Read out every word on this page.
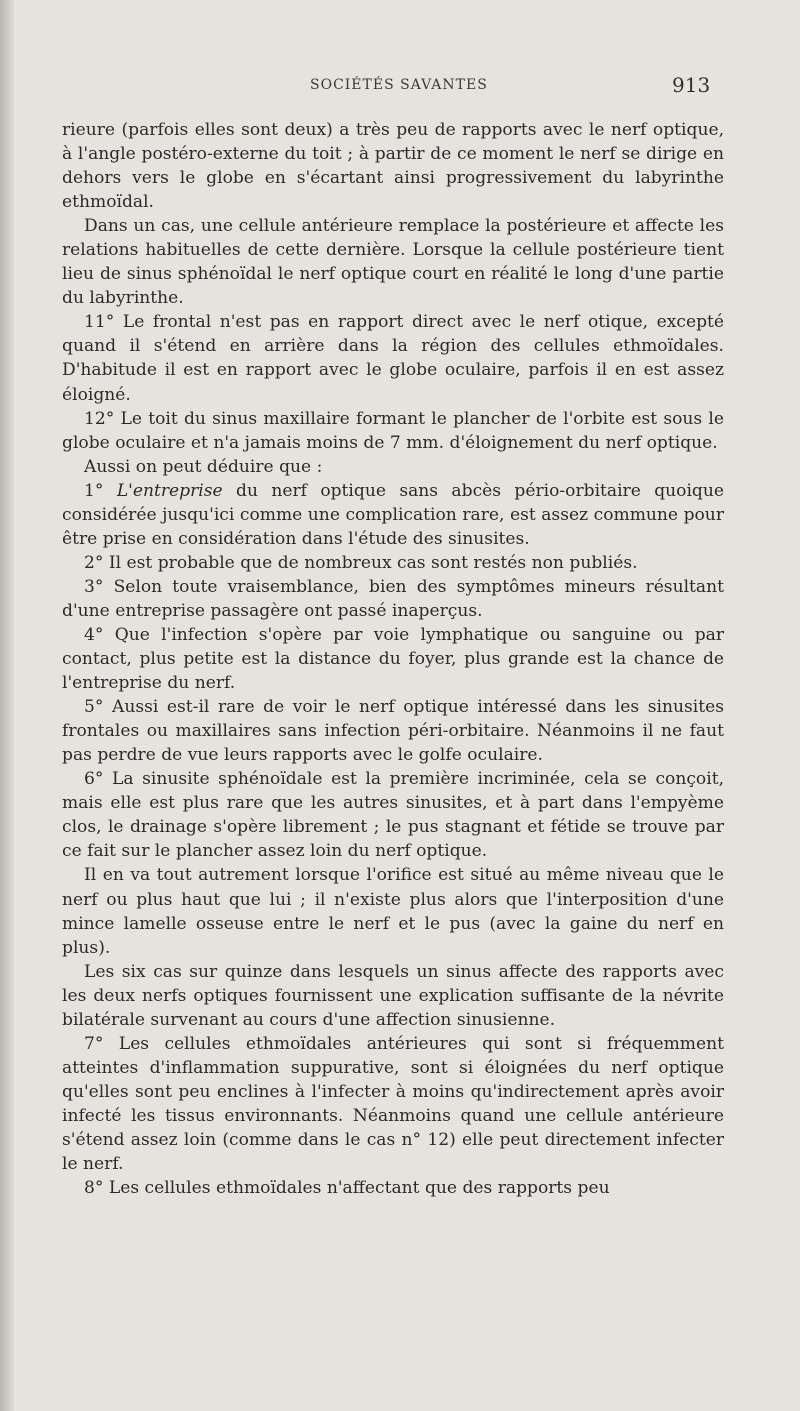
SOCIÉTÉS SAVANTES	913

rieure (parfois elles sont deux) a très peu de rapports avec le nerf optique, à l'angle postéro-externe du toit ; à partir de ce moment le nerf se dirige en dehors vers le globe en s'écartant ainsi progressivement du labyrinthe ethmoïdal.

Dans un cas, une cellule antérieure remplace la postérieure et affecte les relations habituelles de cette dernière. Lorsque la cellule postérieure tient lieu de sinus sphénoïdal le nerf optique court en réalité le long d'une partie du labyrinthe.

11° Le frontal n'est pas en rapport direct avec le nerf otique, excepté quand il s'étend en arrière dans la région des cellules ethmoïdales. D'habitude il est en rapport avec le globe oculaire, parfois il en est assez éloigné.

12° Le toit du sinus maxillaire formant le plancher de l'orbite est sous le globe oculaire et n'a jamais moins de 7 mm. d'éloignement du nerf optique.

Aussi on peut déduire que :

1° L'entreprise du nerf optique sans abcès pério-orbitaire quoique considérée jusqu'ici comme une complication rare, est assez commune pour être prise en considération dans l'étude des sinusites.

2° Il est probable que de nombreux cas sont restés non publiés.

3° Selon toute vraisemblance, bien des symptômes mineurs résultant d'une entreprise passagère ont passé inaperçus.

4° Que l'infection s'opère par voie lymphatique ou sanguine ou par contact, plus petite est la distance du foyer, plus grande est la chance de l'entreprise du nerf.

5° Aussi est-il rare de voir le nerf optique intéressé dans les sinusites frontales ou maxillaires sans infection péri-orbitaire. Néanmoins il ne faut pas perdre de vue leurs rapports avec le golfe oculaire.

6° La sinusite sphénoïdale est la première incriminée, cela se conçoit, mais elle est plus rare que les autres sinusites, et à part dans l'empyème clos, le drainage s'opère librement ; le pus stagnant et fétide se trouve par ce fait sur le plancher assez loin du nerf optique.

Il en va tout autrement lorsque l'orifice est situé au même niveau que le nerf ou plus haut que lui ; il n'existe plus alors que l'interposition d'une mince lamelle osseuse entre le nerf et le pus (avec la gaine du nerf en plus).

Les six cas sur quinze dans lesquels un sinus affecte des rapports avec les deux nerfs optiques fournissent une explication suffisante de la névrite bilatérale survenant au cours d'une affection sinusienne.

7° Les cellules ethmoïdales antérieures qui sont si fréquemment atteintes d'inflammation suppurative, sont si éloignées du nerf optique qu'elles sont peu enclines à l'infecter à moins qu'indirectement après avoir infecté les tissus environnants. Néanmoins quand une cellule antérieure s'étend assez loin (comme dans le cas n° 12) elle peut directement infecter le nerf.

8° Les cellules ethmoïdales n'affectant que des rapports peu
